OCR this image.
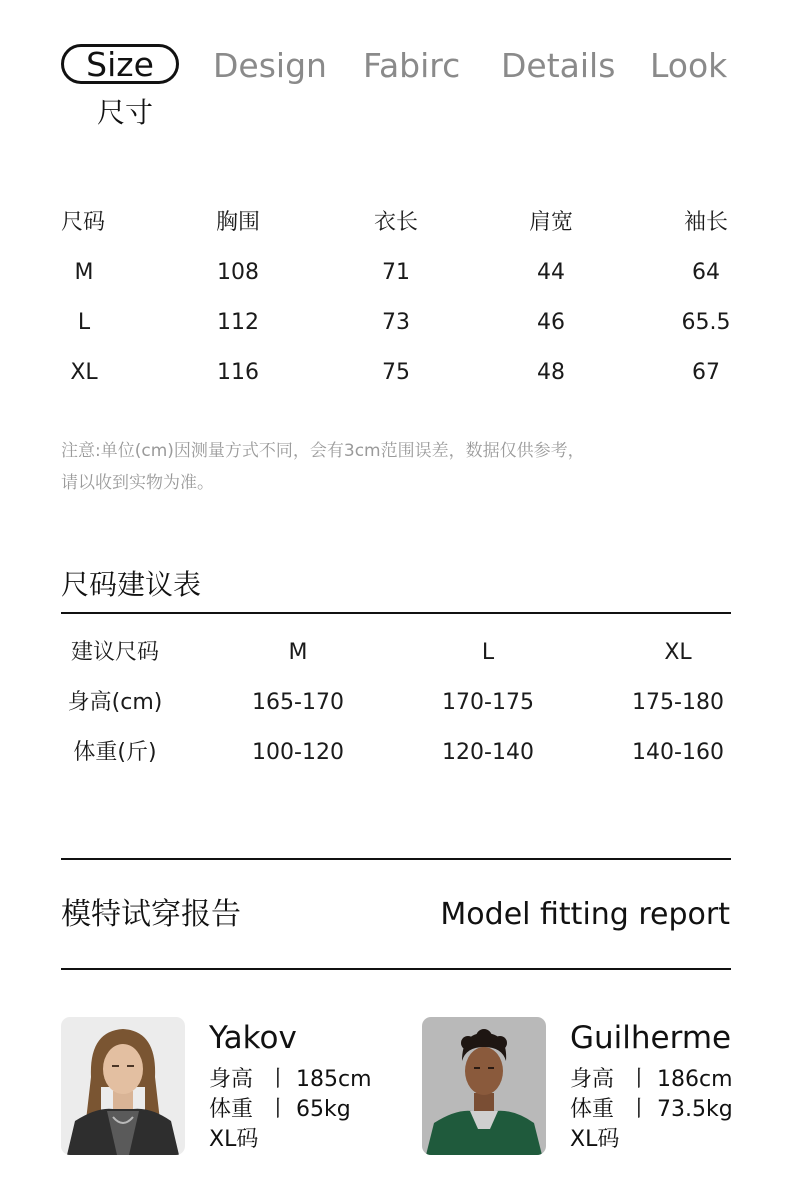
Size Design Fabirc Details Look
尺寸
尺码	胸围	衣长	肩宽	袖长
M	108	71	44	64
L	112	73	46	65.5
XL	116	75	48	67
注意:单位(cm)因测量方式不同，会有3cm范围误差，数据仅供参考，
请以收到实物为准。
尺码建议表
建议尺码	M	L	XL
身高(cm)	165-170	170-175	175-180
体重(斤)	100-120	120-140	140-160
模特试穿报告	Model fitting report
Yakov
身高  丨 185cm
体重  丨 65kg
XL码
Guilherme
身高  丨 186cm
体重  丨 73.5kg
XL码
